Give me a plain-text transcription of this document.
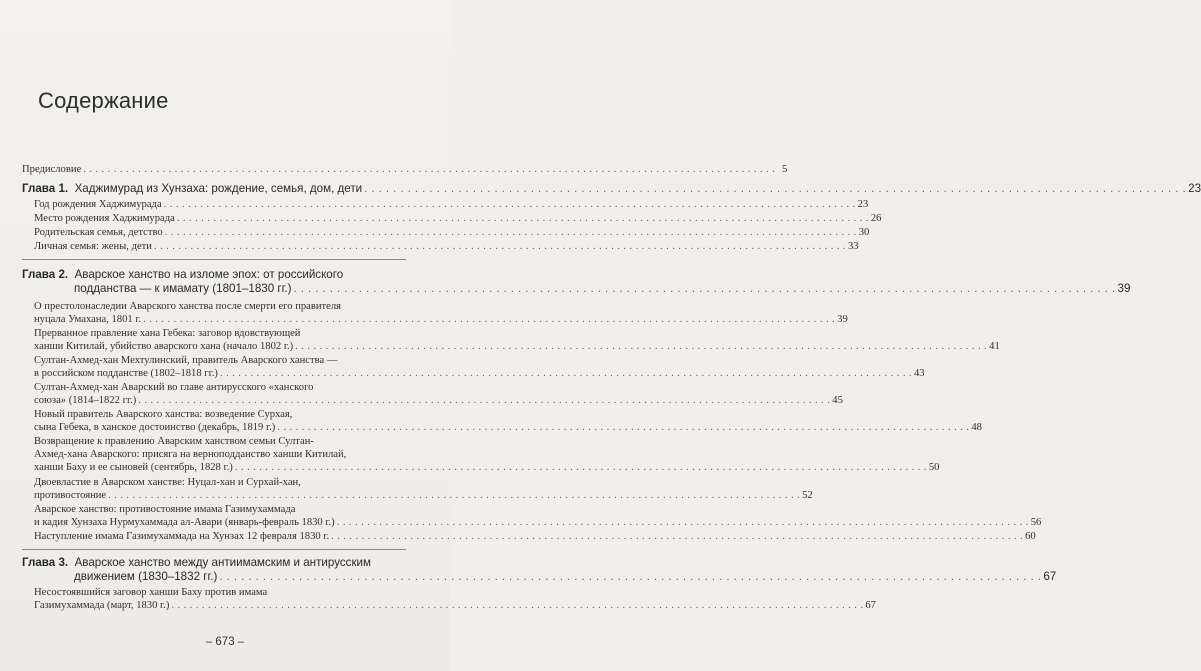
Содержание
Предисловие . . .	5
Глава 1. Хаджимурад из Хунзаха: рождение, семья, дом, дети . . .	23
Год рождения Хаджимурада . . .	23
Место рождения Хаджимурада . . .	26
Родительская семья, детство . . .	30
Личная семья: жены, дети . . .	33
Глава 2. Аварское ханство на изломе эпох: от российского
подданства — к имамату (1801–1830 гг.) . . .	39
О престолонаследии Аварского ханства после смерти его правителя
нуцала Умахана, 1801 г. . . .	39
Прерванное правление хана Гебека: заговор вдовствующей
ханши Китилай, убийство аварского хана (начало 1802 г.) . . .	41
Султан-Ахмед-хан Мехтулинский, правитель Аварского ханства —
в российском подданстве (1802–1818 гг.) . . .	43
Султан-Ахмед-хан Аварский во главе антирусского «ханского
союза» (1814–1822 гг.) . . .	45
Новый правитель Аварского ханства: возведение Сурхая,
сына Гебека, в ханское достоинство (декабрь, 1819 г.) . . .	48
Возвращение к правлению Аварским ханством семьи Султан-
Ахмед-хана Аварского: присяга на верноподданство ханши Китилай,
ханши Баху и ее сыновей (сентябрь, 1828 г.) . . .	50
Двоевластие в Аварском ханстве: Нуцал-хан и Сурхай-хан,
противостояние . . .	52
Аварское ханство: противостояние имама Газимухаммада
и кадия Хунзаха Нурмухаммада ал-Авари (январь-февраль 1830 г.) . . .	56
Наступление имама Газимухаммада на Хунзах 12 февраля 1830 г. . . .	60
Глава 3. Аварское ханство между антиимамским и антирусским
движением (1830–1832 гг.) . . .	67
Несостоявшийся заговор ханши Баху против имама
Газимухаммада (март, 1830 г.) . . .	67
– 673 –
